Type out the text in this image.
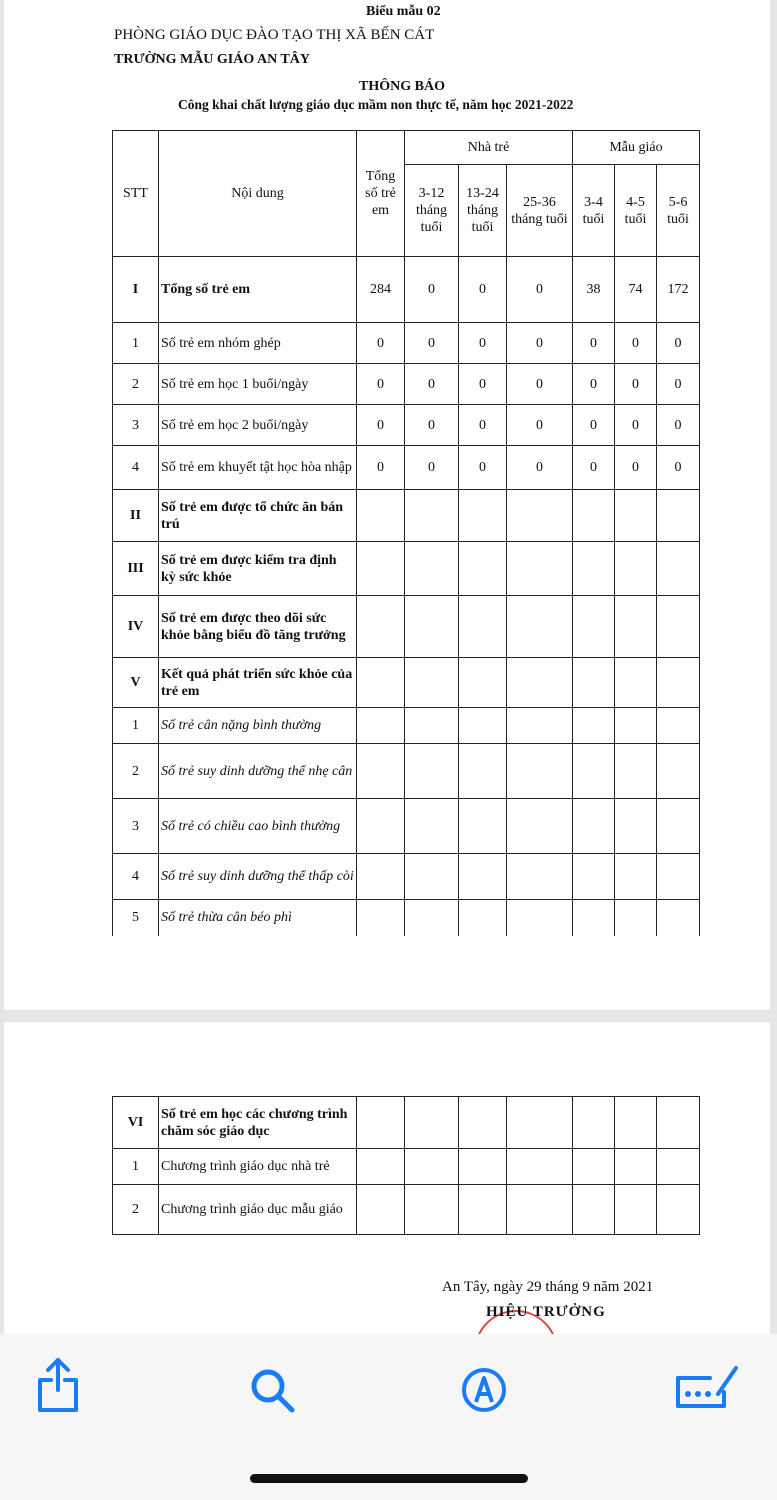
Biểu mẫu 02
PHÒNG GIÁO DỤC ĐÀO TẠO THỊ XÃ BẾN CÁT
TRƯỜNG MẪU GIÁO AN TÂY
THÔNG BÁO
Công khai chất lượng giáo dục mầm non thực tế, năm học 2021-2022
STT	Nội dung	Tổng số trẻ em	Nhà trẻ			Mẫu giáo		
			3-12 tháng tuổi	13-24 tháng tuổi	25-36 tháng tuổi	3-4 tuổi	4-5 tuổi	5-6 tuổi
I	Tổng số trẻ em	284	0	0	0	38	74	172
1	Số trẻ em nhóm ghép	0	0	0	0	0	0	0
2	Số trẻ em học 1 buổi/ngày	0	0	0	0	0	0	0
3	Số trẻ em học 2 buổi/ngày	0	0	0	0	0	0	0
4	Số trẻ em khuyết tật học hòa nhập	0	0	0	0	0	0	0
II	Số trẻ em được tổ chức ăn bán trú							
III	Số trẻ em được kiểm tra định kỳ sức khỏe							
IV	Số trẻ em được theo dõi sức khỏe bằng biểu đồ tăng trưởng							
V	Kết quả phát triển sức khỏe của trẻ em							
1	Số trẻ cân nặng bình thường							
2	Số trẻ suy dinh dưỡng thể nhẹ cân							
3	Số trẻ có chiều cao bình thường							
4	Số trẻ suy dinh dưỡng thể thấp còi							
5	Số trẻ thừa cân béo phì							
VI	Số trẻ em học các chương trình chăm sóc giáo dục							
1	Chương trình giáo dục nhà trẻ							
2	Chương trình giáo dục mẫu giáo							
An Tây, ngày 29 tháng 9 năm 2021
HIỆU TRƯỞNG
